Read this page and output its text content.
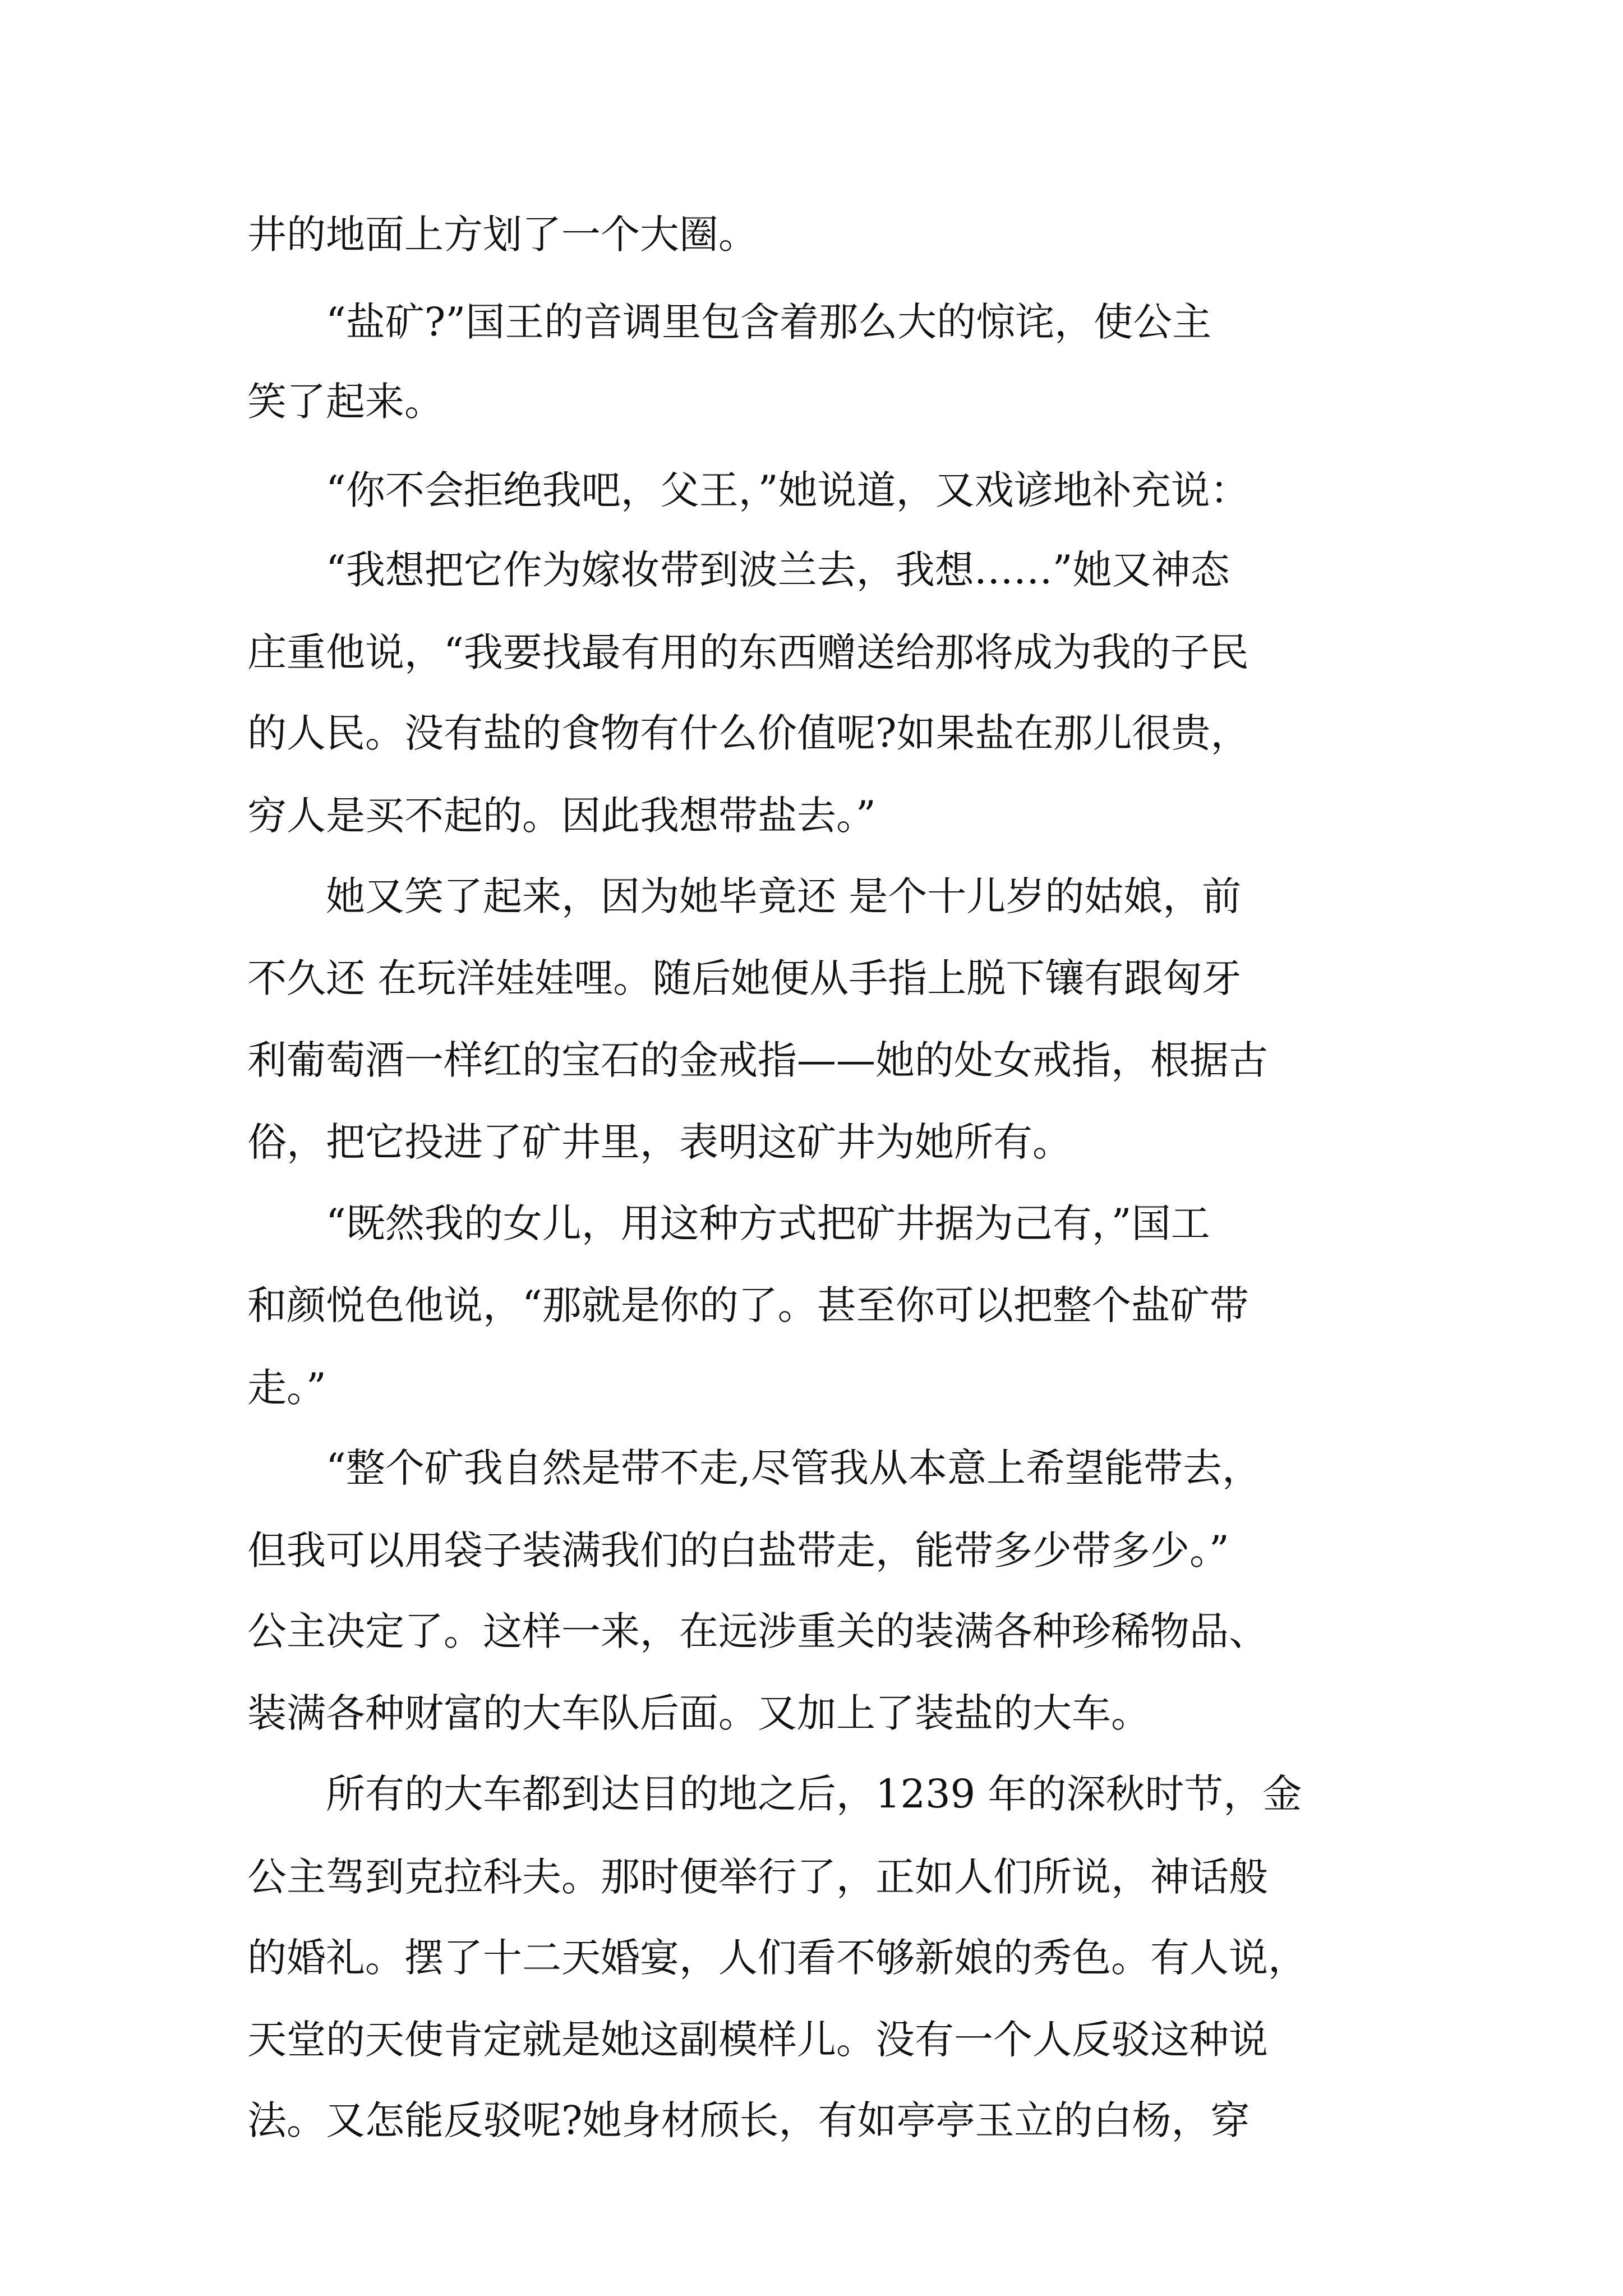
井的地面上方划了一个大圈。
　　“盐矿?”国王的音调里包含着那么大的惊诧，使公主
笑了起来。
　　“你不会拒绝我吧，父王，”她说道，又戏谚地补充说：
　　“我想把它作为嫁妆带到波兰去，我想……”她又神态
庄重他说，“我要找最有用的东西赠送给那将成为我的子民
的人民。没有盐的食物有什么价值呢?如果盐在那儿很贵，
穷人是买不起的。因此我想带盐去。”
　　她又笑了起来，因为她毕竟还 是个十儿岁的姑娘，前
不久还 在玩洋娃娃哩。随后她便从手指上脱下镶有跟匈牙
利葡萄酒一样红的宝石的金戒指——她的处女戒指，根据古
俗，把它投进了矿井里，表明这矿井为她所有。
　　“既然我的女儿，用这种方式把矿井据为己有，”国工
和颜悦色他说，“那就是你的了。甚至你可以把整个盐矿带
走。”
　　“整个矿我自然是带不走,尽管我从本意上希望能带去，
但我可以用袋子装满我们的白盐带走，能带多少带多少。”
公主决定了。这样一来，在远涉重关的装满各种珍稀物品、
装满各种财富的大车队后面。又加上了装盐的大车。
　　所有的大车都到达目的地之后，1239 年的深秋时节，金
公主驾到克拉科夫。那时便举行了，正如人们所说，神话般
的婚礼。摆了十二天婚宴，人们看不够新娘的秀色。有人说，
天堂的天使肯定就是她这副模样儿。没有一个人反驳这种说
法。又怎能反驳呢?她身材颀长，有如亭亭玉立的白杨，穿
